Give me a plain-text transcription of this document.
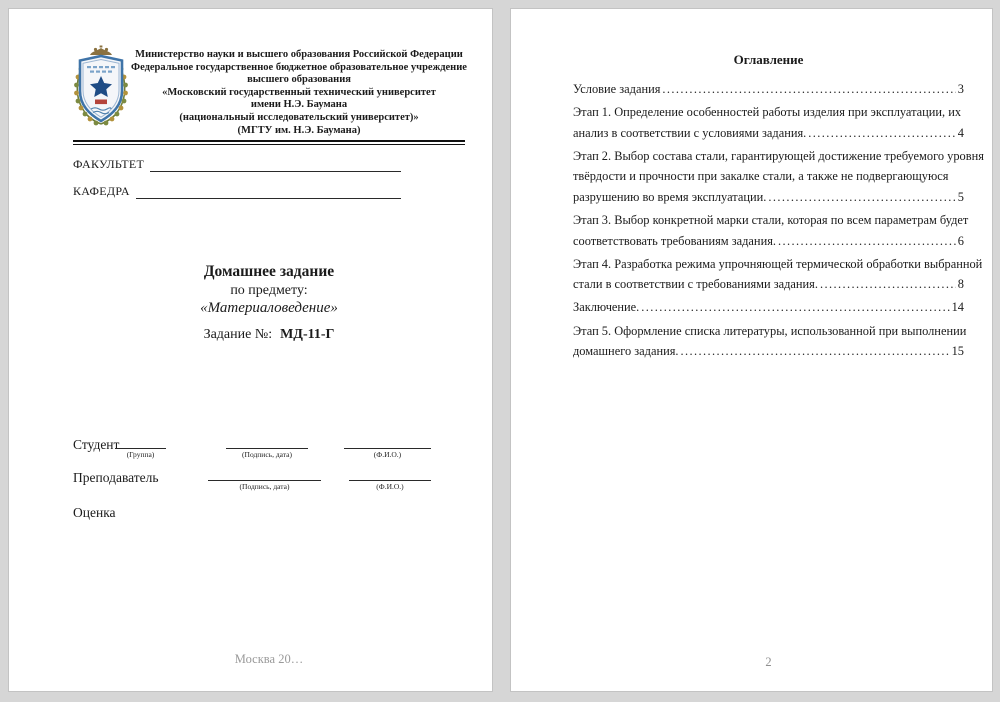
Министерство науки и высшего образования Российской Федерации
Федеральное государственное бюджетное образовательное учреждение
высшего образования
«Московский государственный технический университет
имени Н.Э. Баумана
(национальный исследовательский университет)»
(МГТУ им. Н.Э. Баумана)
ФАКУЛЬТЕТ
КАФЕДРА
Домашнее задание
по предмету:
«Материаловедение»
Задание №: МД-11-Г
Студент
(Группа)	(Подпись, дата)	(Ф.И.О.)
Преподаватель
(Подпись, дата)	(Ф.И.О.)
Оценка
Москва 20…
Оглавление
Условие задания .....	3
Этап 1. Определение особенностей работы изделия при эксплуатации, их
анализ в соответствии с условиями задания. .....	4
Этап 2. Выбор состава стали, гарантирующей достижение требуемого уровня
твёрдости и прочности при закалке стали, а также не подвергающуюся
разрушению во время эксплуатации. .....	5
Этап 3. Выбор конкретной марки стали, которая по всем параметрам будет
соответствовать требованиям задания. .....	6
Этап 4. Разработка режима упрочняющей термической обработки выбранной
стали в соответствии с требованиями задания. .....	8
Заключение. .....	14
Этап 5. Оформление списка литературы, использованной при выполнении
домашнего задания. .....	15
2
